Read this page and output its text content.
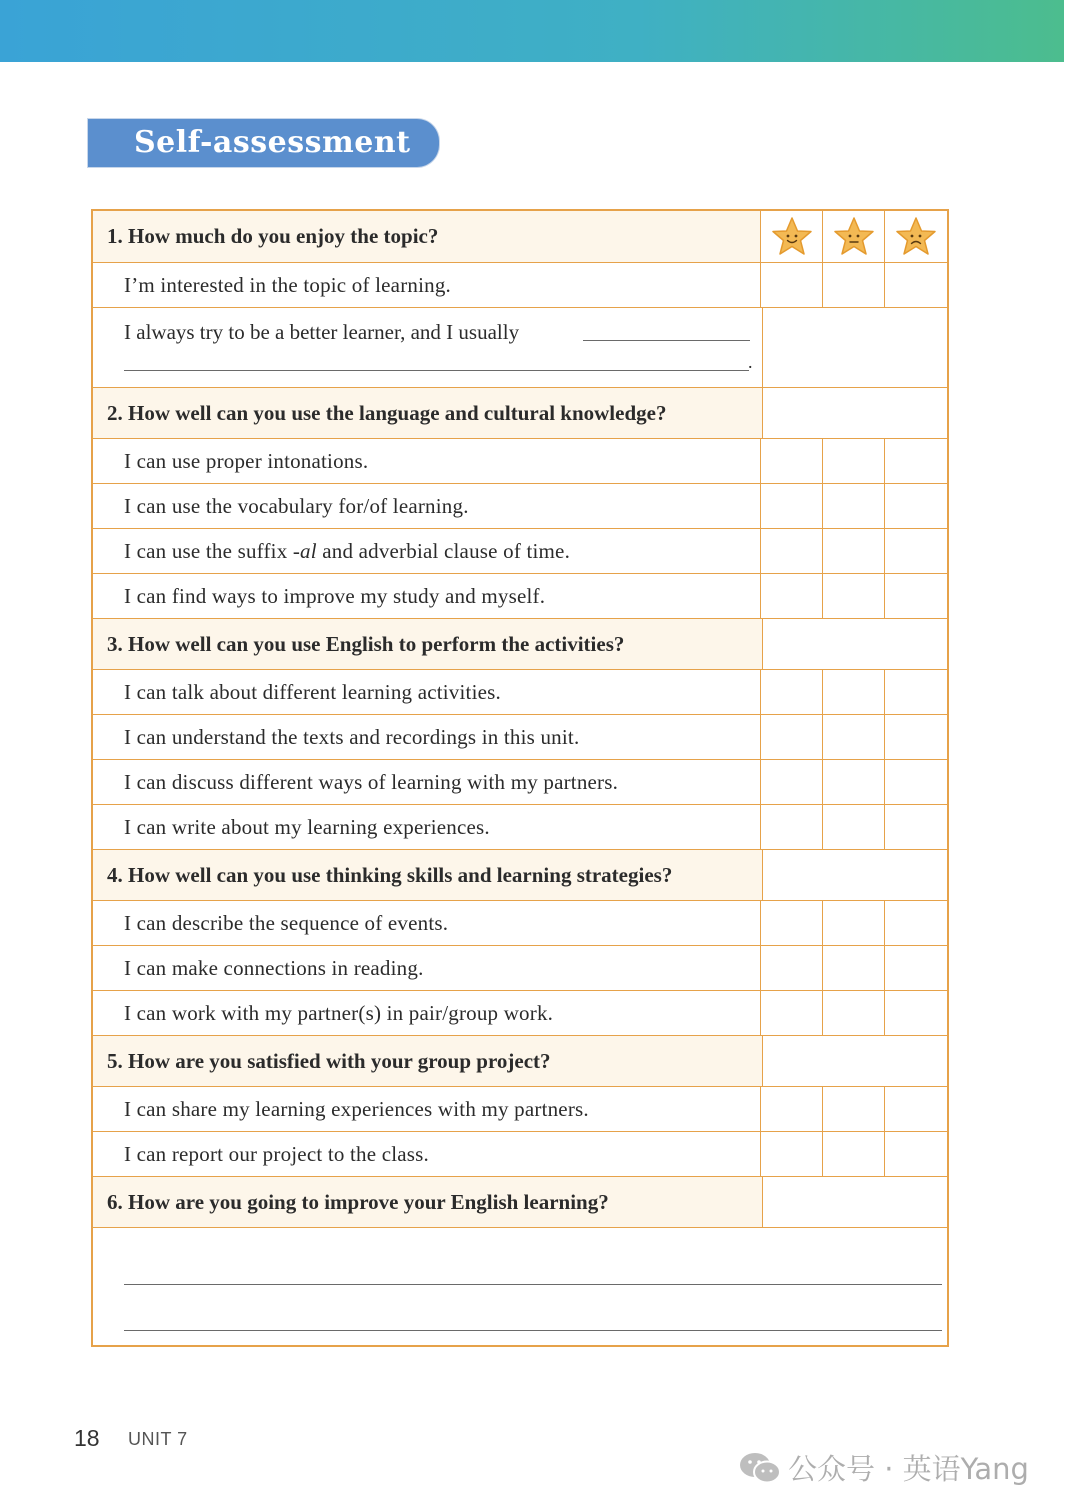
Self-assessment
1. How much do you enjoy the topic?
I’m interested in the topic of learning.
I always try to be a better learner, and I usually
.
2. How well can you use the language and cultural knowledge?
I can use proper intonations.
I can use the vocabulary for/of learning.
I can use the suffix -al and adverbial clause of time.
I can find ways to improve my study and myself.
3. How well can you use English to perform the activities?
I can talk about different learning activities.
I can understand the texts and recordings in this unit.
I can discuss different ways of learning with my partners.
I can write about my learning experiences.
4. How well can you use thinking skills and learning strategies?
I can describe the sequence of events.
I can make connections in reading.
I can work with my partner(s) in pair/group work.
5. How are you satisfied with your group project?
I can share my learning experiences with my partners.
I can report our project to the class.
6. How are you going to improve your English learning?
18 UNIT 7
公众号 · 英语Yang
